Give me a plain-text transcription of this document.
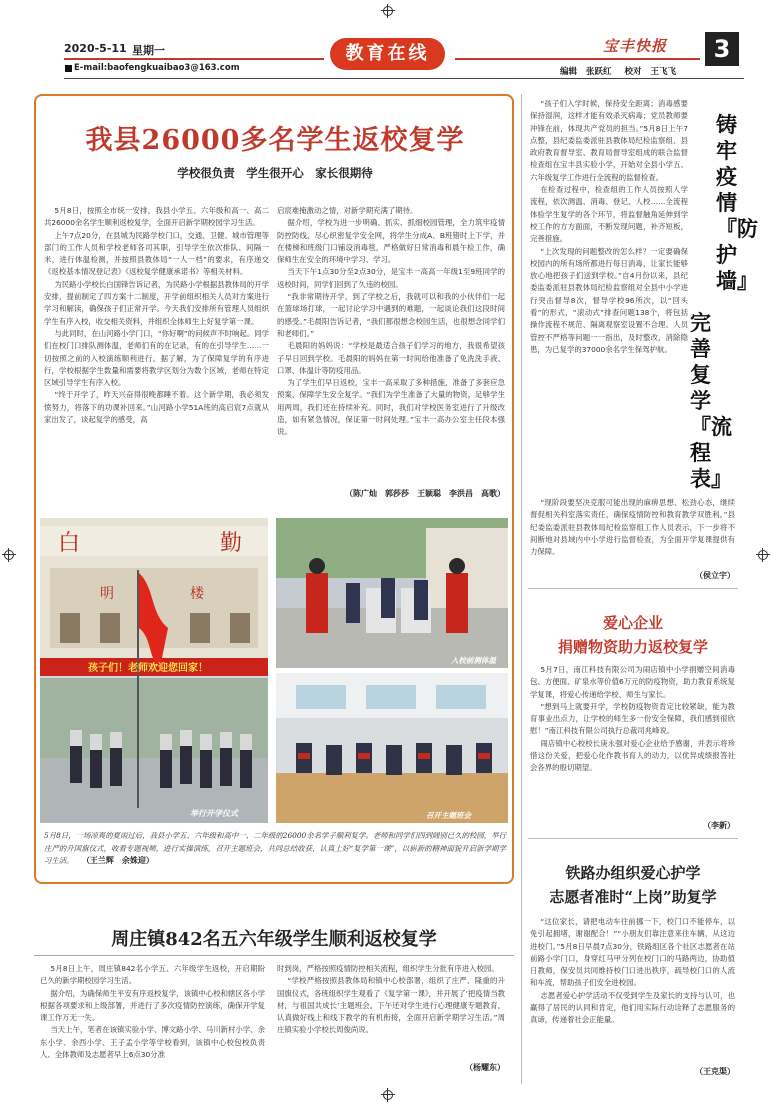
2020-5-11 星期一
E-mail:baofengkuaibao3@163.com
教育在线	宝丰快报	3
编辑 张跃红 校对 王飞飞
我县26000多名学生返校复学
学校很负责　学生很开心　家长很期待

5月8日，按照全市统一安排，我县小学五、六年级和高一、高二共26000余名学生顺利返校复学，全面开启新学期校园学习生活。

上午7点20分，在县城为民路学校门口，交通、卫健、城市管理等部门的工作人员和学校老师各司其职，引导学生依次排队、间隔一米，进行体温检测，并按照县教体局“一人一档”的要求，有序递交《返校基本情况登记表》《返校复学健康承诺书》等相关材料。

为民路小学校长白国锋告诉记者，为民路小学根据县教体局的开学安排，提前制定了四方案十二制度，开学前组织相关人员对方案进行学习和解读，确保孩子们正常开学。今天我们安排所有管理人员组织学生有序入校，收交相关资料，并组织全体师生上好复学第一课。

与此同时，在山河路小学门口，“你好啊”的问候声不时响起。同学们在校门口排队测体温，老师们有的在记录，有的在引导学生……一切按照之前的入校演练顺利进行。据了解，为了保障复学的有序进行，学校根据学生数量和需要将教学区划分为数个区域，老师在特定区域引导学生有序入校。

“终于开学了，昨天兴奋得很晚都睡不着。这个新学期，我必须发愤努力，将落下的功课补回来。”山河路小学51A班的高启宸7点就从家出发了，谈起复学的感受，高

启宸难掩激动之情，对新学期充满了期待。

据介绍，学校为进一步明确、抓实、抓细校园管理，全力筑牢疫情防控防线，尽心织密复学安全网，将学生分成A、B班错时上下学，并在楼梯和班级门口铺设消毒毯，严格做好日常消毒和晨午检工作，确保师生在安全的环境中学习、学习。

当天下午1点30分至2点30分，是宝丰一高高一年级1至9班同学的返校时间，同学们回到了久违的校园。

“我非常期待开学，到了学校之后，我就可以和我的小伙伴们一起在篮球场打球，一起讨论学习中遇到的难题，一起谈论我们这段时间的感受。”毛晨阳告诉记者，“我们都很想念校园生活，也很想念同学们和老师们。”

毛晨阳的妈妈说：“学校是最适合孩子们学习的地方，我很希望孩子早日回到学校。毛晨阳的妈妈在第一时间给他准备了免洗洗手液、口罩、体温计等防疫用品。

为了学生们早日返校，宝丰一高采取了多种措施，准备了多套应急预案，保障学生安全复学。“我们为学生准备了大量的物资，足够学生用两周，我们还在持续补充。同时，我们对学校医务室进行了升级改造，如有紧急情况，保证第一时间处理。”宝丰一高办公室主任段本强说。

（陈广灿　郭莎莎　王颖聪　李洪昌　高歌）
白	勤
明	楼
孩子们！老师欢迎您回家！
举行开学仪式
入校前测体温
召开主题班会
5月8日，一场凉爽的夏雨过后，我县小学五、六年级和高中一、二年级的26000余名学子顺利复学。老师和同学们四到阔别已久的校园，举行庄严的升国旗仪式，收看专题视频，进行实操演练，召开主题班会，共同总结收获，认真上好“复学第一课”，以崭新的精神面貌开启新学期学习生活。 （王兰辉　余姝迎）
周庄镇842名五六年级学生顺利返校复学

5月8日上午，周庄镇842名小学五、六年级学生返校，开启期盼已久的新学期校园学习生活。

据介绍，为确保师生平安有序返校复学，该镇中心校和辖区各小学根据各项要求和上级部署，并进行了多次疫情防控演练，确保开学复课工作万无一失。

当天上午，笔者在该镇实验小学、博文路小学、马川新村小学、余东小学、余西小学、王子孟小学等学校看到，该镇中心校包校负责人、全体教师及志愿者早上6点30分准

时到岗，严格按照疫情防控相关流程，组织学生分批有序进入校园。

“学校严格按照县教体局和镇中心校部署，组织了庄严、隆重的升国旗仪式，各班组织学生观看了《复学第一课》，并开展了‘把疫情当教材，与祖国共成长’主题班会。下午还对学生进行心理健康专题教育，认真做好线上和线下教学的有机衔接，全面开启新学期学习生活。”周庄镇实验小学校长周俊尚说。

（杨耀东）

“孩子们入学时候，保持安全距离；消毒感要保持湿润，这样才能有效杀灭病毒；党员教师要冲锋在前，体现共产党员的担当。”5月8日上午7点整，县纪委监委派驻县教体局纪检监察组、县政府教育督导室、教育局督导室组成的联合监督检查组在宝丰县实验小学，开始对全县小学五、六年级复学工作进行全流程的监督检查。

在检查过程中，检查组的工作人员按照人学流程，依次测温、消毒、登记、人校……全流程体验学生复学的各个环节，将监督触角延伸到学校工作的方方面面，不断发现问题，补齐短板，完善措施。

“上次发现的问题整改的怎么样？一定要确保校园内的所有场所都进行每日消毒，让家长能够放心地把孩子们送到学校。”自4月份以来，县纪委监委派驻县教体局纪检监察组对全县中小学进行突击督导8次，督导学校96所次，以“回头看”的形式，“滚动式”排查问题138个，将包括操作流程不规范、隔离观察室设置不合理、人员管控不严格等问题一一指出，及时整改，消除隐患，为已复学的37000余名学生保驾护航。

“现阶段要坚决克服可能出现的麻痹思想、松劲心态，继续督促相关科室落实责任，确保疫情防控和教育教学双胜利。”县纪委监委派驻县教体局纪检监察组工作人员表示，下一步将不间断地对县域内中小学进行监督检查，为全面开学复课提供有力保障。

（侯立宇）
铸牢疫情『防护墙』
完善复学『流程表』
爱心企业
捐赠物资助力返校复学

5月7日，南江科技有限公司为闹店镇中小学捐赠空间消毒包、方便面、矿泉水等价值6万元的防疫物资，助力教育系统复学复课，将爱心传递给学校、师生与家长。

“想到马上就要开学，学校防疫物资肯定比较紧缺，能为教育事业出点力，让学校的师生多一份安全保障，我们感到很欣慰！”南江科技有限公司执行总裁司兆峰说。

闹店镇中心校校长庚永强对爱心企业给予感谢，并表示将珍惜这份关爱，把爱心化作教书育人的动力，以优异成绩报答社会各界的殷切期望。

（李新）
铁路办组织爱心护学
志愿者准时“上岗”助复学

“这位家长，请把电动车往前挪一下，校门口不能停车，以免引起拥堵，谢谢配合！”“小朋友们靠注意来往车辆，从这边进校门。”5月8日早晨7点30分，铁路组区各个社区志愿者在站前路小学门口，身穿红马甲分列在校门口的马路两边，协助值日教师，保安员共同维持校门口进出秩序，疏导校门口的人流和车流，帮助孩子们安全进校园。

志愿者爱心护学活动不仅受到学生及家长的支持与认可，也赢得了居民的认同和肯定，他们用实际行动诠释了志愿服务的真谛，传递着社会正能量。

（王克渠）
